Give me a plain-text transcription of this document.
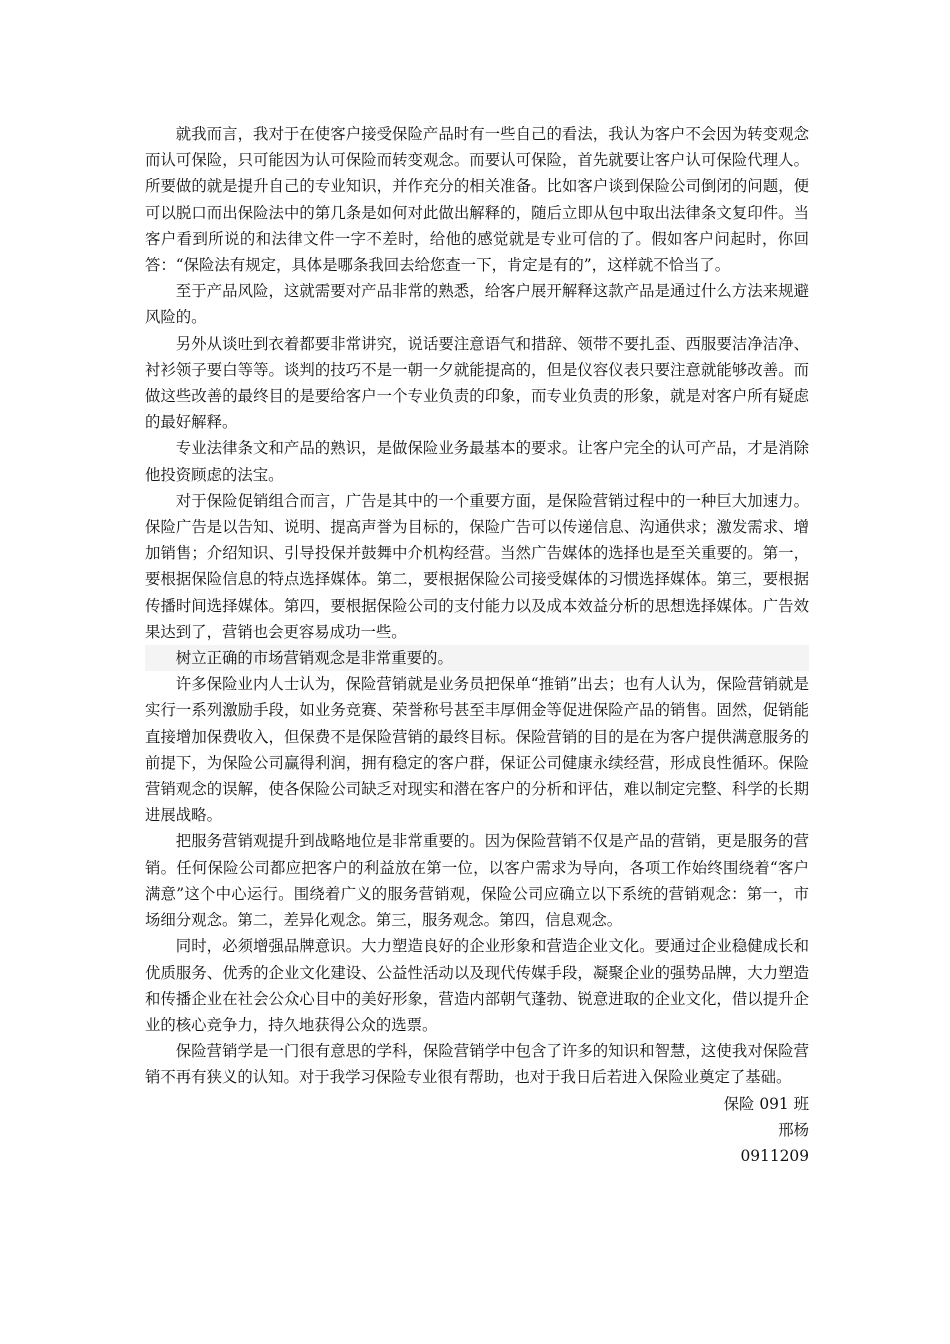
就我而言，我对于在使客户接受保险产品时有一些自己的看法，我认为客户不会因为转变观念而认可保险，只可能因为认可保险而转变观念。而要认可保险，首先就要让客户认可保险代理人。所要做的就是提升自己的专业知识，并作充分的相关准备。比如客户谈到保险公司倒闭的问题，便可以脱口而出保险法中的第几条是如何对此做出解释的，随后立即从包中取出法律条文复印件。当客户看到所说的和法律文件一字不差时，给他的感觉就是专业可信的了。假如客户问起时，你回答：“保险法有规定，具体是哪条我回去给您查一下，肯定是有的”，这样就不恰当了。

至于产品风险，这就需要对产品非常的熟悉，给客户展开解释这款产品是通过什么方法来规避风险的。

另外从谈吐到衣着都要非常讲究，说话要注意语气和措辞、领带不要扎歪、西服要洁净洁净、衬衫领子要白等等。谈判的技巧不是一朝一夕就能提高的，但是仪容仪表只要注意就能够改善。而做这些改善的最终目的是要给客户一个专业负责的印象，而专业负责的形象，就是对客户所有疑虑的最好解释。

专业法律条文和产品的熟识，是做保险业务最基本的要求。让客户完全的认可产品，才是消除他投资顾虑的法宝。

对于保险促销组合而言，广告是其中的一个重要方面，是保险营销过程中的一种巨大加速力。保险广告是以告知、说明、提高声誉为目标的，保险广告可以传递信息、沟通供求；激发需求、增加销售；介绍知识、引导投保并鼓舞中介机构经营。当然广告媒体的选择也是至关重要的。第一，要根据保险信息的特点选择媒体。第二，要根据保险公司接受媒体的习惯选择媒体。第三，要根据传播时间选择媒体。第四，要根据保险公司的支付能力以及成本效益分析的思想选择媒体。广告效果达到了，营销也会更容易成功一些。

树立正确的市场营销观念是非常重要的。

许多保险业内人士认为，保险营销就是业务员把保单“推销”出去；也有人认为，保险营销就是实行一系列激励手段，如业务竞赛、荣誉称号甚至丰厚佣金等促进保险产品的销售。固然，促销能直接增加保费收入，但保费不是保险营销的最终目标。保险营销的目的是在为客户提供满意服务的前提下，为保险公司赢得利润，拥有稳定的客户群，保证公司健康永续经营，形成良性循环。保险营销观念的误解，使各保险公司缺乏对现实和潜在客户的分析和评估，难以制定完整、科学的长期进展战略。

把服务营销观提升到战略地位是非常重要的。因为保险营销不仅是产品的营销，更是服务的营销。任何保险公司都应把客户的利益放在第一位，以客户需求为导向，各项工作始终围绕着“客户满意”这个中心运行。围绕着广义的服务营销观，保险公司应确立以下系统的营销观念：第一，市场细分观念。第二，差异化观念。第三，服务观念。第四，信息观念。

同时，必须增强品牌意识。大力塑造良好的企业形象和营造企业文化。要通过企业稳健成长和优质服务、优秀的企业文化建设、公益性活动以及现代传媒手段，凝聚企业的强势品牌，大力塑造和传播企业在社会公众心目中的美好形象，营造内部朝气蓬勃、锐意进取的企业文化，借以提升企业的核心竞争力，持久地获得公众的选票。

保险营销学是一门很有意思的学科，保险营销学中包含了许多的知识和智慧，这使我对保险营销不再有狭义的认知。对于我学习保险专业很有帮助，也对于我日后若进入保险业奠定了基础。

保险 091 班

邢杨

0911209
